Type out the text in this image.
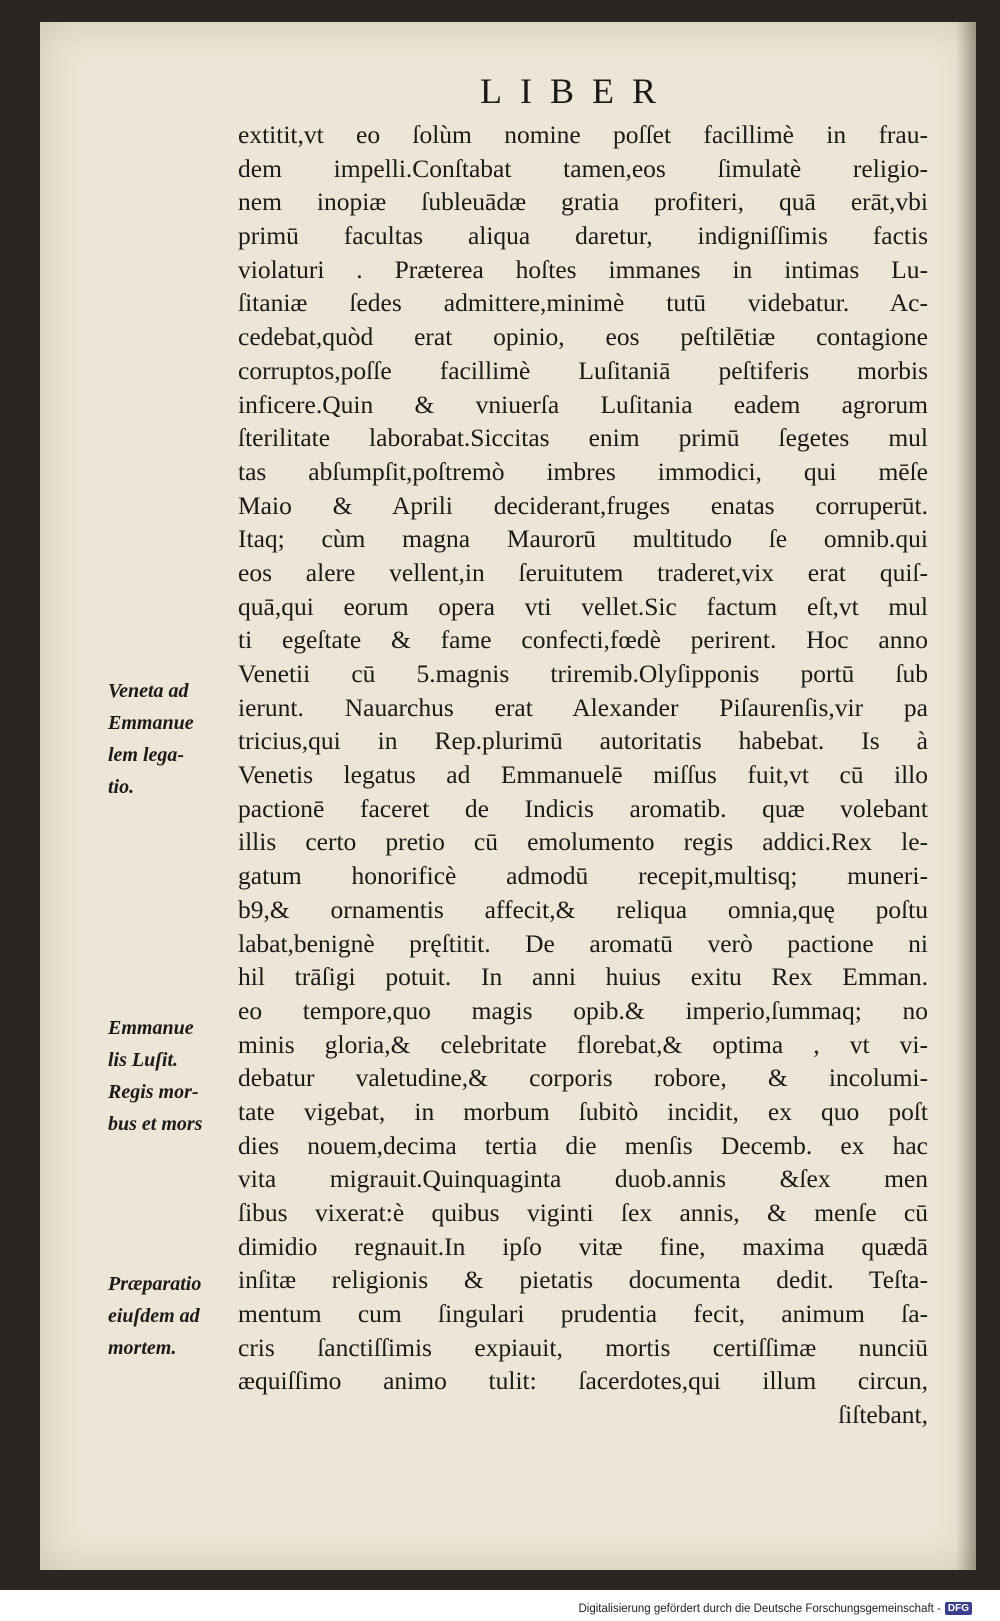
LIBER
extitit,vt eo ſolùm nomine poſſet facillimè in frau-
dem impelli.Conſtabat tamen,eos ſimulatè religio-
nem inopiæ ſubleuādæ gratia profiteri, quā erāt,vbi
primū facultas aliqua daretur, indigniſſimis factis
violaturi . Præterea hoſtes immanes in intimas Lu-
ſitaniæ ſedes admittere,minimè tutū videbatur. Ac-
cedebat,quòd erat opinio, eos peſtilētiæ contagione
corruptos,poſſe facillimè Luſitaniā peſtiferis morbis
inficere.Quin & vniuerſa Luſitania eadem agrorum
ſterilitate laborabat.Siccitas enim primū ſegetes mul
tas abſumpſit,poſtremò imbres immodici, qui mēſe
Maio & Aprili deciderant,fruges enatas corruperūt.
Itaq; cùm magna Maurorū multitudo ſe omnib.qui
eos alere vellent,in ſeruitutem traderet,vix erat quiſ-
quā,qui eorum opera vti vellet.Sic factum eſt,vt mul
ti egeſtate & fame confecti,fœdè perirent. Hoc anno
Venetii cū 5.magnis triremib.Olyſipponis portū ſub
ierunt. Nauarchus erat Alexander Piſaurenſis,vir pa
tricius,qui in Rep.plurimū autoritatis habebat. Is à
Venetis legatus ad Emmanuelē miſſus fuit,vt cū illo
pactionē faceret de Indicis aromatib. quæ volebant
illis certo pretio cū emolumento regis addici.Rex le-
gatum honorificè admodū recepit,multisq; muneri-
b9,& ornamentis affecit,& reliqua omnia,quę poſtu
labat,benignè pręſtitit. De aromatū verò pactione ni
hil trāſigi potuit. In anni huius exitu Rex Emman.
eo tempore,quo magis opib.& imperio,ſummaq; no
minis gloria,& celebritate florebat,& optima , vt vi-
debatur valetudine,& corporis robore, & incolumi-
tate vigebat, in morbum ſubitò incidit, ex quo poſt
dies nouem,decima tertia die menſis Decemb. ex hac
vita migrauit.Quinquaginta duob.annis &ſex men
ſibus vixerat:è quibus viginti ſex annis, & menſe cū
dimidio regnauit.In ipſo vitæ fine, maxima quædā
inſitæ religionis & pietatis documenta dedit. Teſta-
mentum cum ſingulari prudentia fecit, animum ſa-
cris ſanctiſſimis expiauit, mortis certiſſimæ nunciū
æquiſſimo animo tulit: ſacerdotes,qui illum circun,
ſiſtebant,
Veneta ad
Emmanue
lem lega-
tio.
Emmanue
lis Luſit.
Regis mor-
bus et mors
Præparatio
eiuſdem ad
mortem.
Digitalisierung gefördert durch die Deutsche Forschungsgemeinschaft - DFG
